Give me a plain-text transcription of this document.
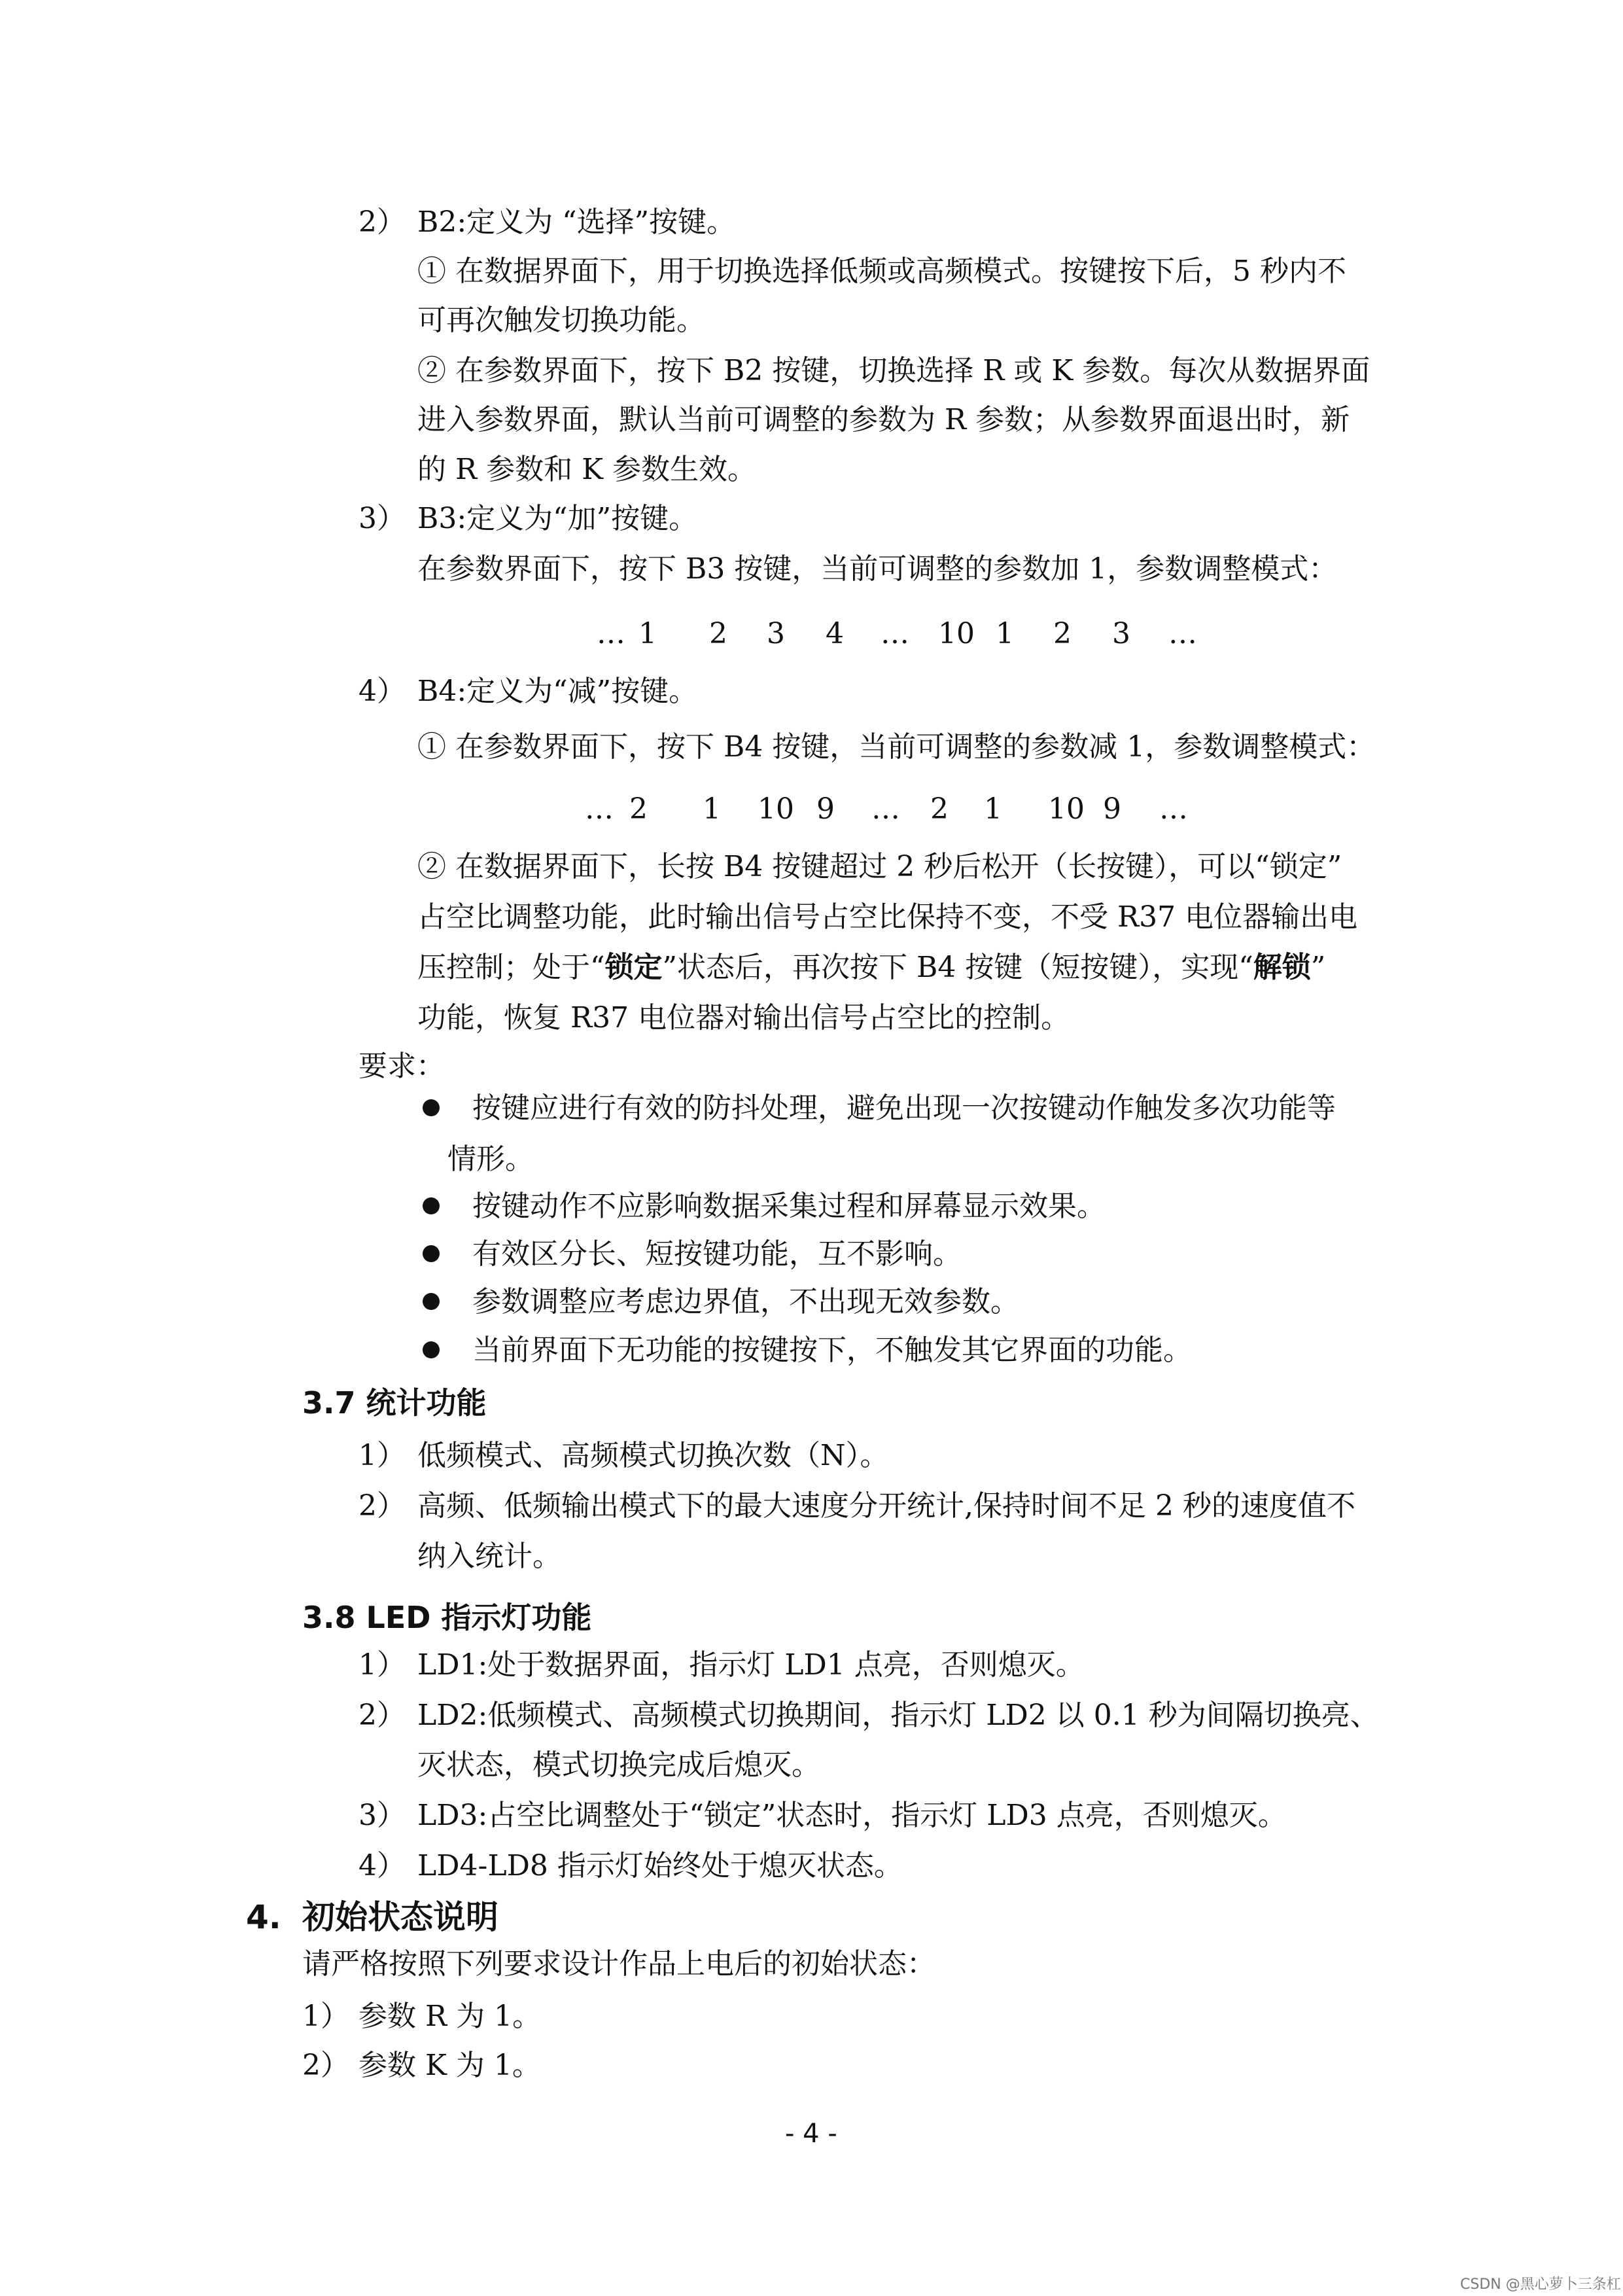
2） B2:定义为 “选择”按键。
① 在数据界面下，用于切换选择低频或高频模式。按键按下后，5 秒内不
可再次触发切换功能。
② 在参数界面下，按下 B2 按键，切换选择 R 或 K 参数。每次从数据界面
进入参数界面，默认当前可调整的参数为 R 参数；从参数界面退出时，新
的 R 参数和 K 参数生效。
3） B3:定义为“加”按键。
在参数界面下，按下 B3 按键，当前可调整的参数加 1，参数调整模式：
… 1 2 3 4 … 10 1 2 3 …
4） B4:定义为“减”按键。
① 在参数界面下，按下 B4 按键，当前可调整的参数减 1，参数调整模式：
… 2 1 10 9 … 2 1 10 9 …
② 在数据界面下，长按 B4 按键超过 2 秒后松开（长按键），可以“锁定”
占空比调整功能，此时输出信号占空比保持不变，不受 R37 电位器输出电
压控制；处于“锁定”状态后，再次按下 B4 按键（短按键），实现“解锁”
功能，恢复 R37 电位器对输出信号占空比的控制。
要求：
按键应进行有效的防抖处理，避免出现一次按键动作触发多次功能等
情形。
按键动作不应影响数据采集过程和屏幕显示效果。
有效区分长、短按键功能，互不影响。
参数调整应考虑边界值，不出现无效参数。
当前界面下无功能的按键按下，不触发其它界面的功能。
3.7 统计功能
1） 低频模式、高频模式切换次数（N）。
2） 高频、低频输出模式下的最大速度分开统计,保持时间不足 2 秒的速度值不
纳入统计。
3.8 LED 指示灯功能
1） LD1:处于数据界面，指示灯 LD1 点亮，否则熄灭。
2） LD2:低频模式、高频模式切换期间，指示灯 LD2 以 0.1 秒为间隔切换亮、
灭状态，模式切换完成后熄灭。
3） LD3:占空比调整处于“锁定”状态时，指示灯 LD3 点亮，否则熄灭。
4） LD4-LD8 指示灯始终处于熄灭状态。
4. 初始状态说明
请严格按照下列要求设计作品上电后的初始状态：
1） 参数 R 为 1。
2） 参数 K 为 1。
- 4 -
CSDN @黑心萝卜三条杠
